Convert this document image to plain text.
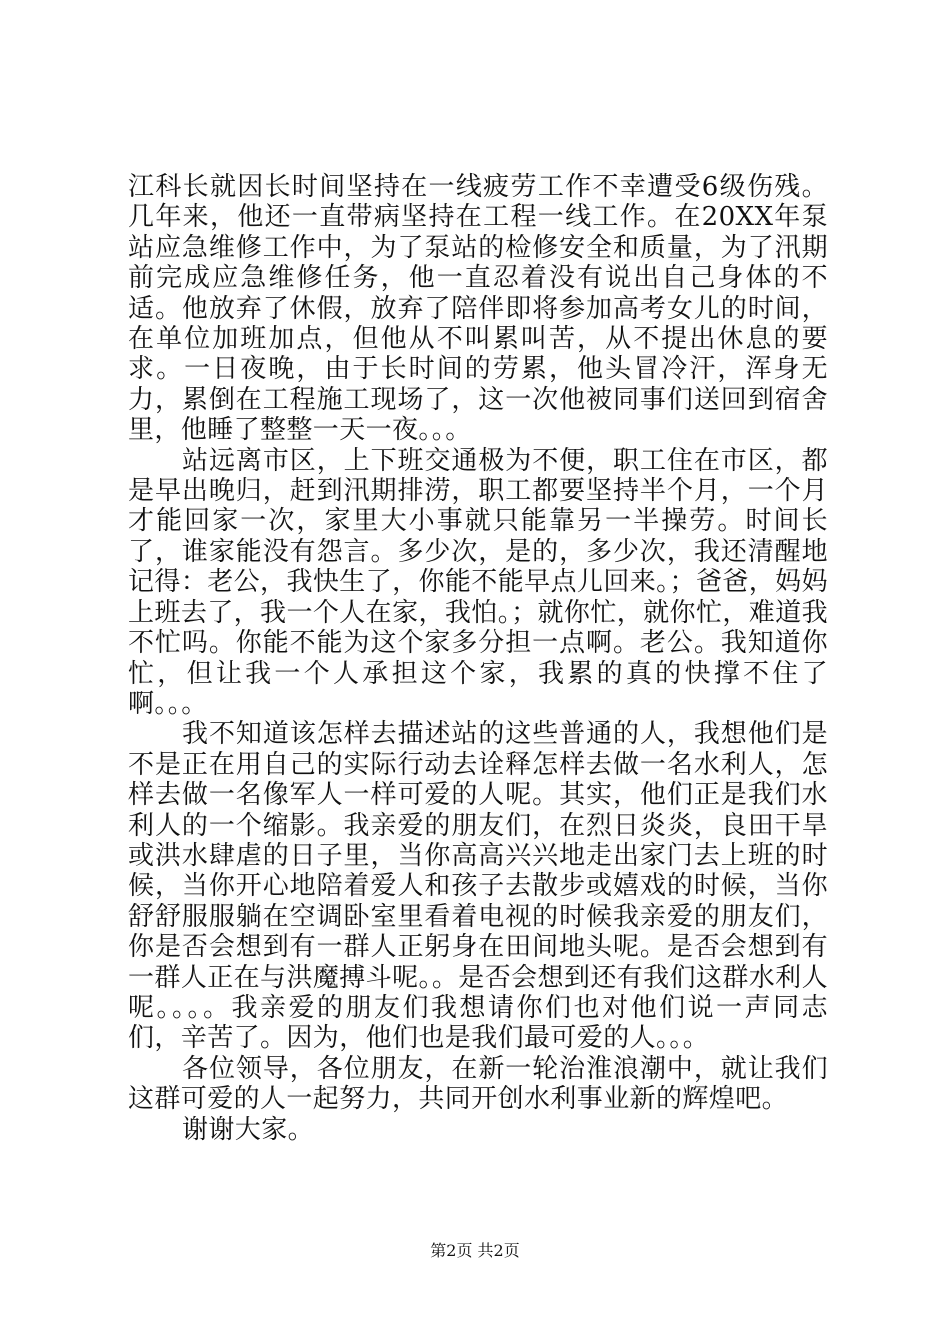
江科长就因长时间坚持在一线疲劳工作不幸遭受6级伤残。几年来，他还一直带病坚持在工程一线工作。在20XX年泵站应急维修工作中，为了泵站的检修安全和质量，为了汛期前完成应急维修任务，他一直忍着没有说出自己身体的不适。他放弃了休假，放弃了陪伴即将参加高考女儿的时间，在单位加班加点，但他从不叫累叫苦，从不提出休息的要求。一日夜晚，由于长时间的劳累，他头冒冷汗，浑身无力，累倒在工程施工现场了，这一次他被同事们送回到宿舍里，他睡了整整一天一夜。。。

站远离市区，上下班交通极为不便，职工住在市区，都是早出晚归，赶到汛期排涝，职工都要坚持半个月，一个月才能回家一次，家里大小事就只能靠另一半操劳。时间长了，谁家能没有怨言。多少次，是的，多少次，我还清醒地记得：老公，我快生了，你能不能早点儿回来。；爸爸，妈妈上班去了，我一个人在家，我怕。；就你忙，就你忙，难道我不忙吗。你能不能为这个家多分担一点啊。老公。我知道你忙，但让我一个人承担这个家，我累的真的快撑不住了啊。。。

我不知道该怎样去描述站的这些普通的人，我想他们是不是正在用自己的实际行动去诠释怎样去做一名水利人，怎样去做一名像军人一样可爱的人呢。其实，他们正是我们水利人的一个缩影。我亲爱的朋友们，在烈日炎炎，良田干旱或洪水肆虐的日子里，当你高高兴兴地走出家门去上班的时候，当你开心地陪着爱人和孩子去散步或嬉戏的时候，当你舒舒服服躺在空调卧室里看着电视的时候我亲爱的朋友们，你是否会想到有一群人正躬身在田间地头呢。是否会想到有一群人正在与洪魔搏斗呢。。是否会想到还有我们这群水利人呢。。。。我亲爱的朋友们我想请你们也对他们说一声同志们，辛苦了。因为，他们也是我们最可爱的人。。。

各位领导，各位朋友，在新一轮治淮浪潮中，就让我们这群可爱的人一起努力，共同开创水利事业新的辉煌吧。

谢谢大家。

第2页 共2页
